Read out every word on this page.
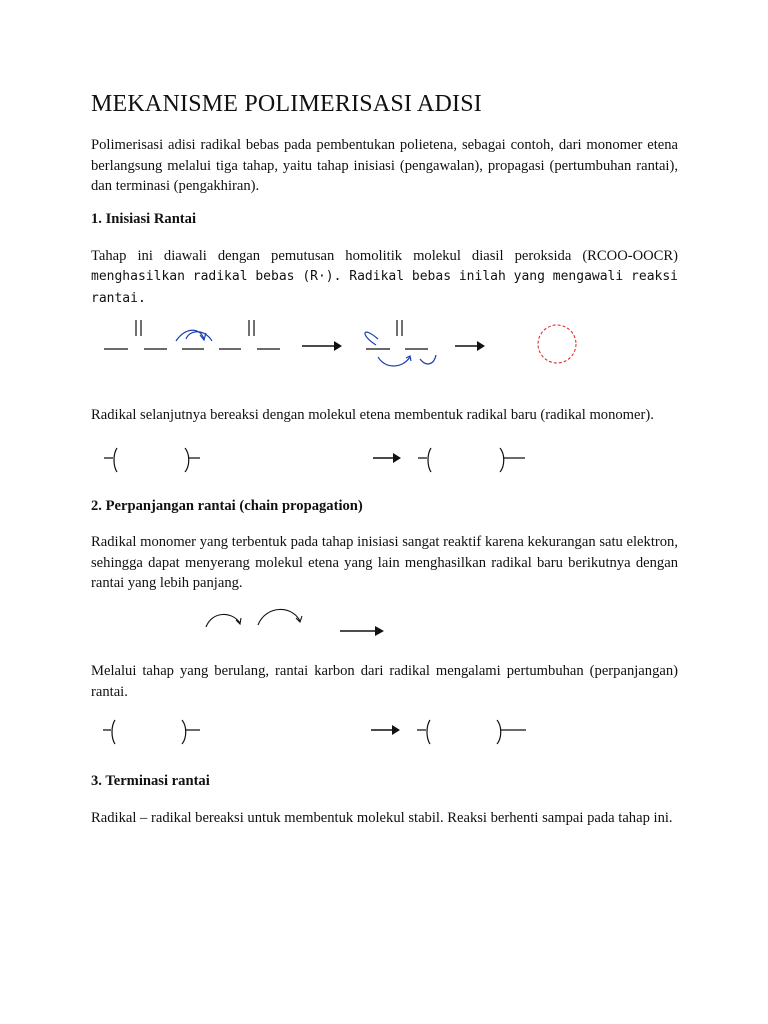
MEKANISME POLIMERISASI ADISI

Polimerisasi adisi radikal bebas pada pembentukan polietena, sebagai contoh, dari monomer etena berlangsung melalui tiga tahap, yaitu tahap inisiasi (pengawalan), propagasi (pertumbuhan rantai), dan terminasi (pengakhiran).

1. Inisiasi Rantai

Tahap ini diawali dengan pemutusan homolitik molekul diasil peroksida (RCOO-OOCR)

menghasilkan radikal bebas (R·). Radikal bebas inilah yang mengawali reaksi rantai.

Radikal selanjutnya bereaksi dengan molekul etena membentuk radikal baru (radikal monomer).

2. Perpanjangan rantai (chain propagation)

Radikal monomer yang terbentuk pada tahap inisiasi sangat reaktif karena kekurangan satu elektron, sehingga dapat menyerang molekul etena yang lain menghasilkan radikal baru berikutnya dengan rantai yang lebih panjang.

Melalui tahap yang berulang, rantai karbon dari radikal mengalami pertumbuhan (perpanjangan) rantai.

3. Terminasi rantai

Radikal – radikal bereaksi untuk membentuk molekul stabil. Reaksi berhenti sampai pada tahap ini.
